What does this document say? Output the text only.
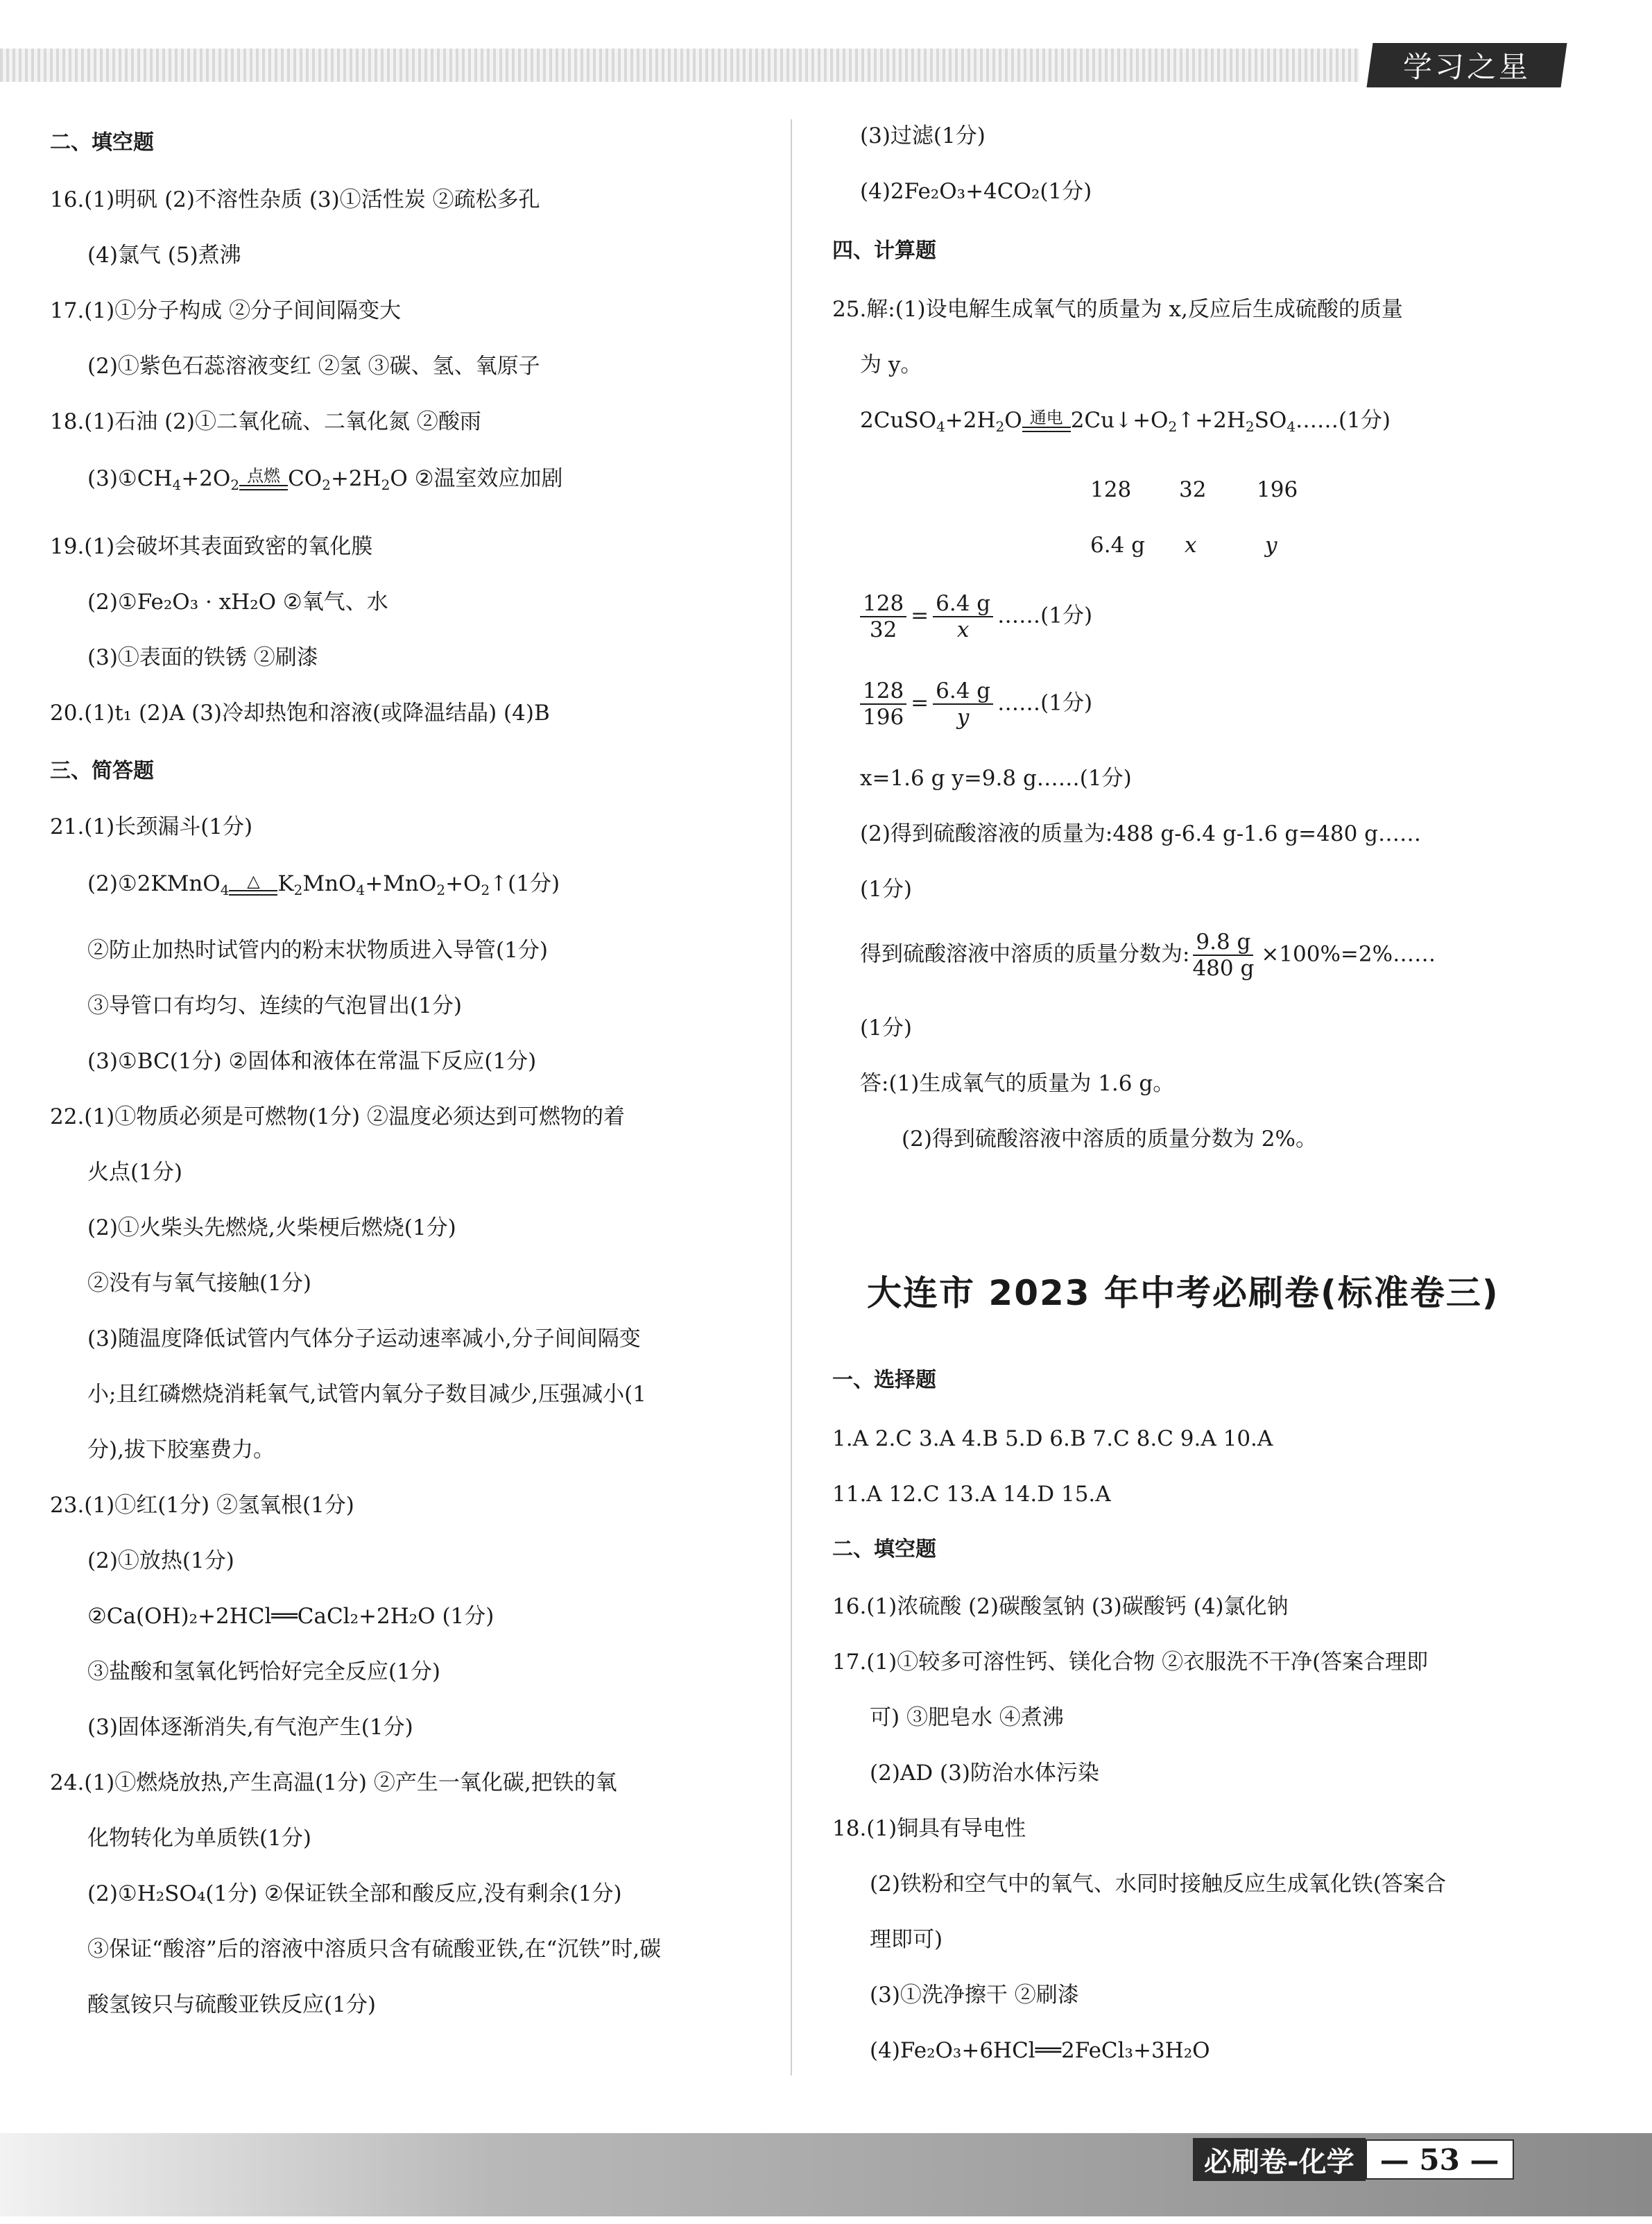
学习之星
二、填空题
16.(1)明矾 (2)不溶性杂质 (3)①活性炭 ②疏松多孔
(4)氯气 (5)煮沸
17.(1)①分子构成 ②分子间间隔变大
(2)①紫色石蕊溶液变红 ②氢 ③碳、氢、氧原子
18.(1)石油 (2)①二氧化硫、二氧化氮 ②酸雨
$(3)①CH_4+2O_2$ 点燃 $CO_2+2H_2O$ ②温室效应加剧
19.(1)会破坏其表面致密的氧化膜
(2)①Fe₂O₃ · xH₂O ②氧气、水
(3)①表面的铁锈 ②刷漆
20.(1)t₁ (2)A (3)冷却热饱和溶液(或降温结晶) (4)B
三、简答题
21.(1)长颈漏斗(1分)
(2)①2KMnO$_4$ △ $K_2MnO_4+MnO_2+O_2↑(1$分)
②防止加热时试管内的粉末状物质进入导管(1分)
③导管口有均匀、连续的气泡冒出(1分)
(3)①BC(1分) ②固体和液体在常温下反应(1分)
22.(1)①物质必须是可燃物(1分) ②温度必须达到可燃物的着
火点(1分)
(2)①火柴头先燃烧,火柴梗后燃烧(1分)
②没有与氧气接触(1分)
(3)随温度降低试管内气体分子运动速率减小,分子间间隔变
小;且红磷燃烧消耗氧气,试管内氧分子数目减少,压强减小(1
分),拔下胶塞费力。
23.(1)①红(1分) ②氢氧根(1分)
(2)①放热(1分)
②Ca(OH)₂+2HCl══CaCl₂+2H₂O (1分)
③盐酸和氢氧化钙恰好完全反应(1分)
(3)固体逐渐消失,有气泡产生(1分)
24.(1)①燃烧放热,产生高温(1分) ②产生一氧化碳,把铁的氧
化物转化为单质铁(1分)
(2)①H₂SO₄(1分) ②保证铁全部和酸反应,没有剩余(1分)
③保证“酸溶”后的溶液中溶质只含有硫酸亚铁,在“沉铁”时,碳
酸氢铵只与硫酸亚铁反应(1分)
(3)过滤(1分)
(4)2Fe₂O₃+4CO₂(1分)
四、计算题
25.解:(1)设电解生成氧气的质量为 x,反应后生成硫酸的质量
为 y。
$2CuSO_4+2H_2O$ 通电 $2Cu↓+O_2↑+2H_2SO_4\dots\dots(1$分)
128 32 196
6.4 g x	y
$\frac{128}{32} = \frac{6.4 g}{x}$ ……(1分)
$\frac{128}{196} = \frac{6.4 g}{y}$ ……(1分)
x=1.6 g y=9.8 g……(1分)
(2)得到硫酸溶液的质量为:488 g-6.4 g-1.6 g=480 g……
(1分)
得到硫酸溶液中溶质的质量分数为: $\frac{9.8 g}{480 g}$ ×100%=2%……
(1分)
答:(1)生成氧气的质量为 1.6 g。
(2)得到硫酸溶液中溶质的质量分数为 2%。
大连市 2023 年中考必刷卷(标准卷三)
一、选择题
1.A 2.C 3.A 4.B 5.D 6.B 7.C 8.C 9.A 10.A
11.A 12.C 13.A 14.D 15.A
二、填空题
16.(1)浓硫酸 (2)碳酸氢钠 (3)碳酸钙 (4)氯化钠
17.(1)①较多可溶性钙、镁化合物 ②衣服洗不干净(答案合理即
可) ③肥皂水 ④煮沸
(2)AD (3)防治水体污染
18.(1)铜具有导电性
(2)铁粉和空气中的氧气、水同时接触反应生成氧化铁(答案合
理即可)
(3)①洗净擦干 ②刷漆
(4)Fe₂O₃+6HCl══2FeCl₃+3H₂O
必刷卷-化学 — 53 —
